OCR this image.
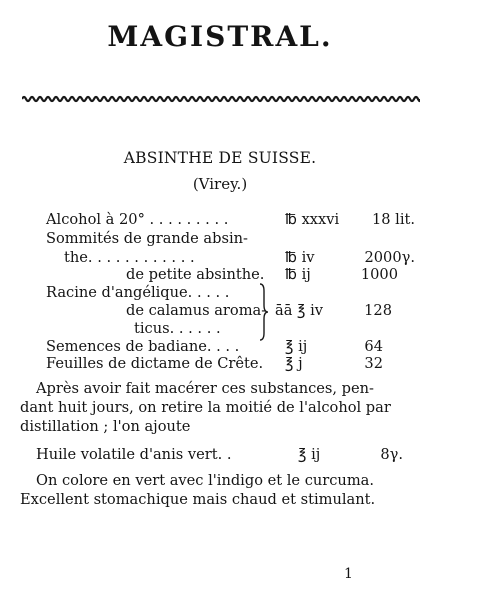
MAGISTRAL.
ABSINTHE DE SUISSE.
(Virey.)
Alcohol à 20° . . . . . . . . .	℔ xxxvi	18 lit.
Sommités de grande absin-
the. . . . . . . . . . . .	℔ iv	2000γ.
de petite absinthe. ℔ ij	1000
Racine d'angélique. . . . .
de calamus aroma-
ticus. . . . . .
āā ℥ iv	128
Semences de badiane. . . .	℥ ij	64
Feuilles de dictame de Crête. ℥ j	32
Après avoir fait macérer ces substances, pen-
dant huit jours, on retire la moitié de l'alcohol par
distillation ; l'on ajoute
Huile volatile d'anis vert. .	℥ ij	8γ.
On colore en vert avec l'indigo et le curcuma.
Excellent stomachique mais chaud et stimulant.
1
